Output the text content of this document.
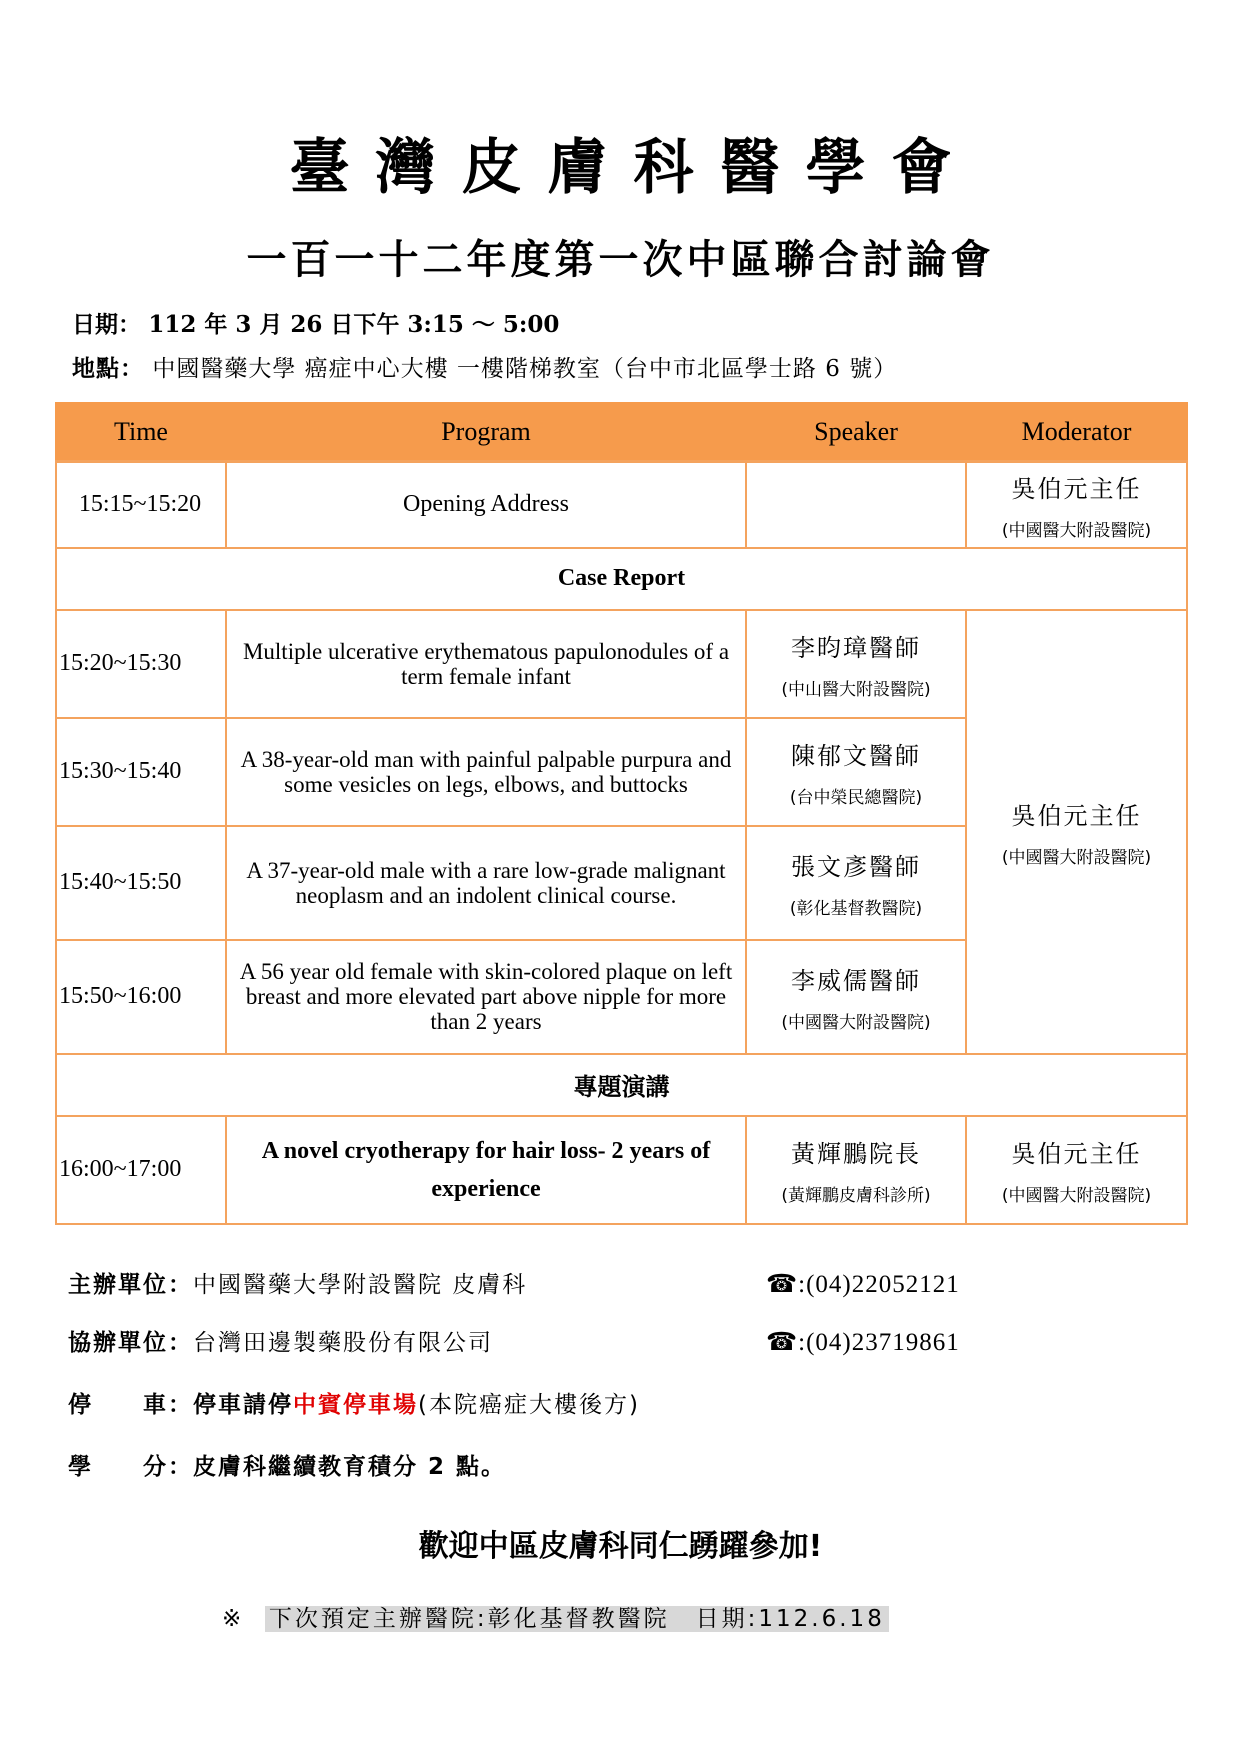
臺灣皮膚科醫學會
一百一十二年度第一次中區聯合討論會
日期： 112 年 3 月 26 日下午 3:15 ～ 5:00
地點： 中國醫藥大學 癌症中心大樓 一樓階梯教室（台中市北區學士路 6 號）
Time	Program	Speaker	Moderator
15:15~15:20	Opening Address		吳伯元主任
(中國醫大附設醫院)

Case Report			
15:20~15:30	Multiple ulcerative erythematous papulonodules of a term female infant	李昀璋醫師
(中山醫大附設醫院)	吳伯元主任
(中國醫大附設醫院)

15:30~15:40	A 38-year-old man with painful palpable purpura and some vesicles on legs, elbows, and buttocks	陳郁文醫師
(台中榮民總醫院)	

15:40~15:50	A 37-year-old male with a rare low-grade malignant neoplasm and an indolent clinical course.	張文彥醫師
(彰化基督教醫院)	

15:50~16:00	A 56 year old female with skin-colored plaque on left breast and more elevated part above nipple for more than 2 years	李威儒醫師
(中國醫大附設醫院)	

專題演講			
16:00~17:00	A novel cryotherapy for hair loss- 2 years of experience	黃輝鵬院長
(黃輝鵬皮膚科診所)	吳伯元主任
(中國醫大附設醫院)
主辦單位：中國醫藥大學附設醫院 皮膚科	☎:(04)22052121
協辦單位：台灣田邊製藥股份有限公司	☎:(04)23719861
停　　車：停車請停中賓停車場(本院癌症大樓後方)
學　　分：皮膚科繼續教育積分 2 點。
歡迎中區皮膚科同仁踴躍參加!
※ 下次預定主辦醫院:彰化基督教醫院　日期:112.6.18
